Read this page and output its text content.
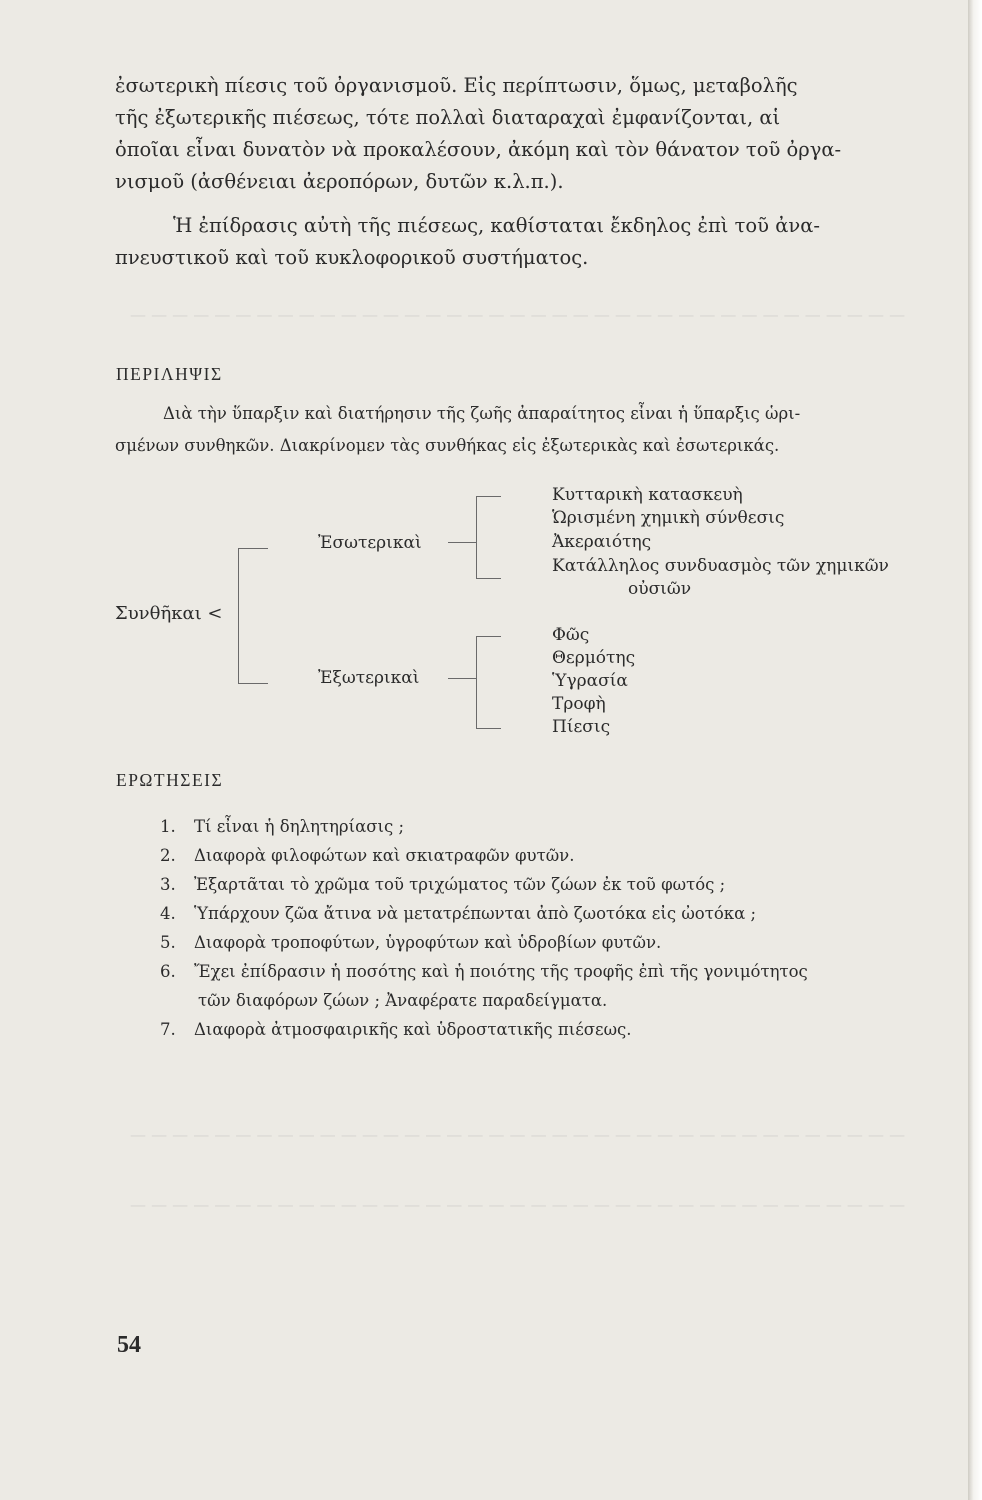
— — — — — — — — — — — — — — — — — — — — — — — — — — — — — — — — — — — — —
— — — — — — — — — — — — — — — — — — — — — — — — — — — — — — — — — — — — —
— — — — — — — — — — — — — — — — — — — — — — — — — — — — — — — — — — — — —

ἐσωτερικὴ πίεσις τοῦ ὀργανισμοῦ. Εἰς περίπτωσιν, ὅμως, μεταβολῆς
τῆς ἐξωτερικῆς πιέσεως, τότε πολλαὶ διαταραχαὶ ἐμφανίζονται, αἱ
ὁποῖαι εἶναι δυνατὸν νὰ προκαλέσουν, ἀκόμη καὶ τὸν θάνατον τοῦ ὀργα-
νισμοῦ (ἀσθένειαι ἀεροπόρων, δυτῶν κ.λ.π.).

Ἡ ἐπίδρασις αὐτὴ τῆς πιέσεως, καθίσταται ἔκδηλος ἐπὶ τοῦ ἀνα-
πνευστικοῦ καὶ τοῦ κυκλοφορικοῦ συστήματος.

ΠΕΡΙΛΗΨΙΣ

Διὰ τὴν ὕπαρξιν καὶ διατήρησιν τῆς ζωῆς ἀπαραίτητος εἶναι ἡ ὕπαρξις ὡρι-
σμένων συνθηκῶν. Διακρίνομεν τὰς συνθήκας εἰς ἐξωτερικὰς καὶ ἐσωτερικάς.

Συνθῆκαι <
Ἐσωτερικαὶ
Ἐξωτερικαὶ
Κυτταρικὴ κατασκευὴ
Ὡρισμένη χημικὴ σύνθεσις
Ἀκεραιότης
Κατάλληλος συνδυασμὸς τῶν χημικῶν
οὐσιῶν
Φῶς
Θερμότης
Ὑγρασία
Τροφὴ
Πίεσις
ΕΡΩΤΗΣΕΙΣ
1. Τί εἶναι ἡ δηλητηρίασις ;
2. Διαφορὰ φιλοφώτων καὶ σκιατραφῶν φυτῶν.
3. Ἐξαρτᾶται τὸ χρῶμα τοῦ τριχώματος τῶν ζώων ἐκ τοῦ φωτός ;
4. Ὑπάρχουν ζῶα ἄτινα νὰ μετατρέπωνται ἀπὸ ζωοτόκα εἰς ὠοτόκα ;
5. Διαφορὰ τροποφύτων, ὑγροφύτων καὶ ὑδροβίων φυτῶν.
6. Ἔχει ἐπίδρασιν ἡ ποσότης καὶ ἡ ποιότης τῆς τροφῆς ἐπὶ τῆς γονιμότητος
τῶν διαφόρων ζώων ; Ἀναφέρατε παραδείγματα.
7. Διαφορὰ ἀτμοσφαιρικῆς καὶ ὑδροστατικῆς πιέσεως.
54
